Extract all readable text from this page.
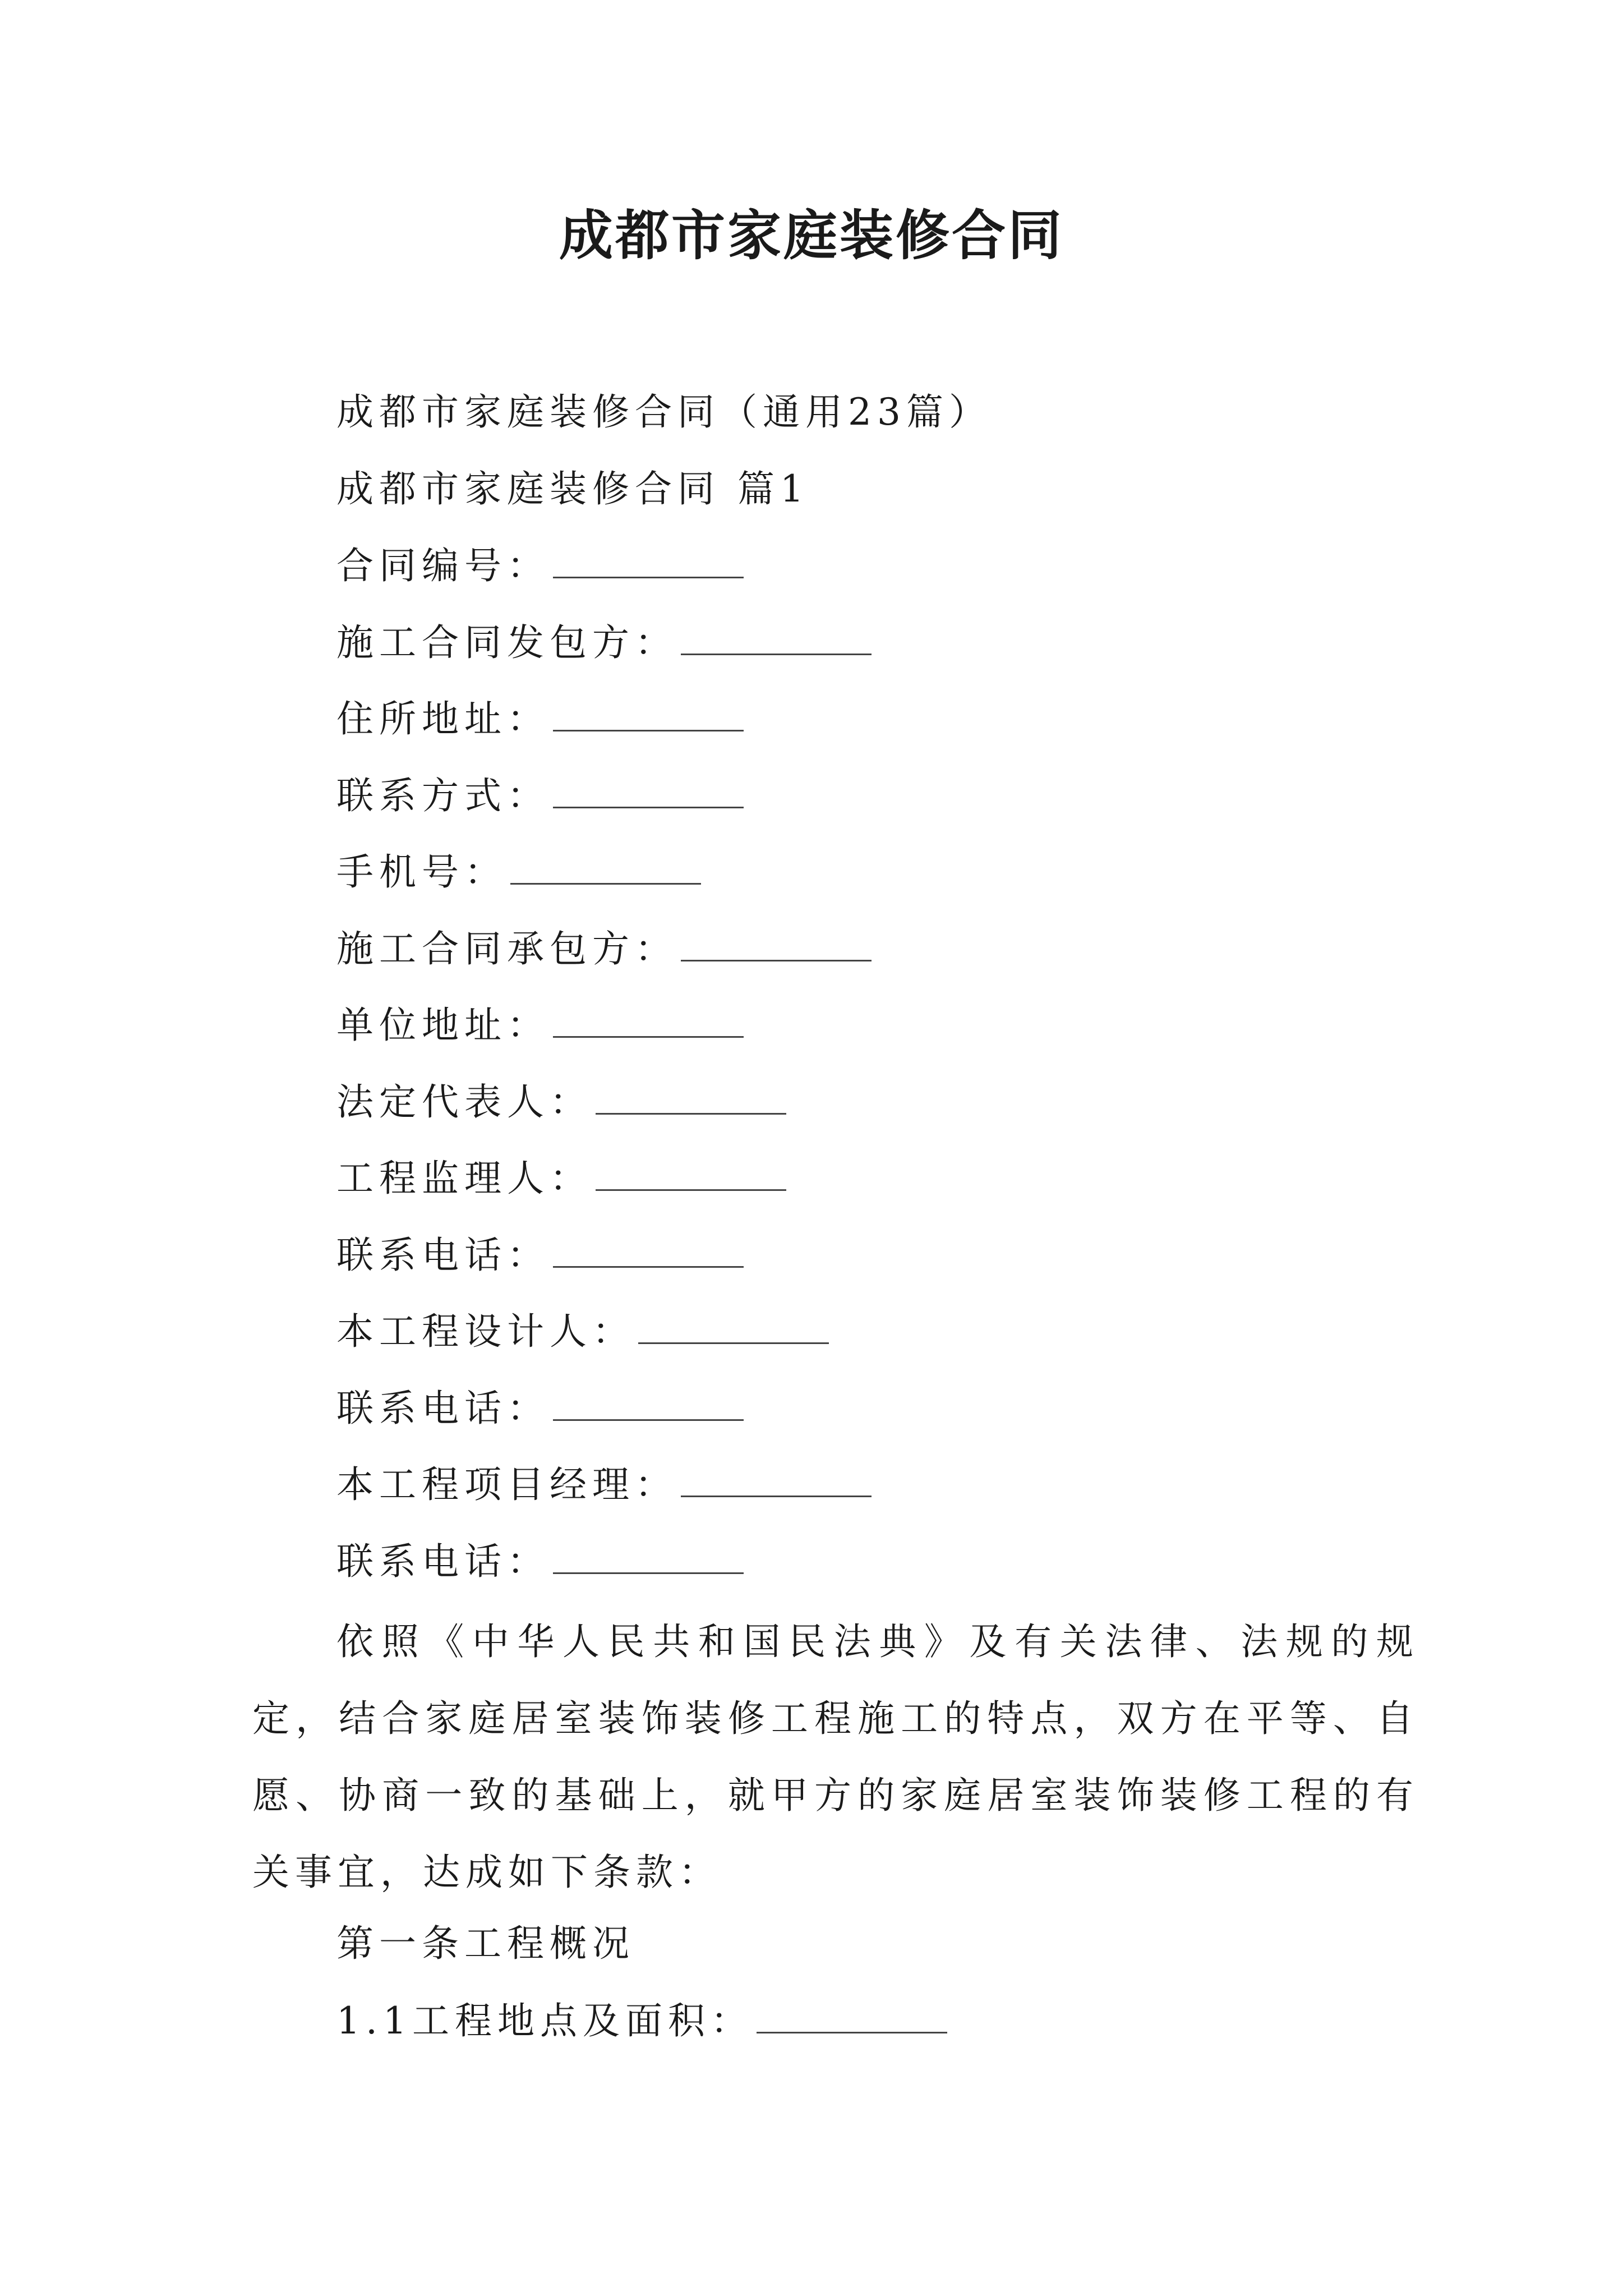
成都市家庭装修合同
成都市家庭装修合同（通用23篇）
成都市家庭装修合同 篇1
合同编号：
施工合同发包方：
住所地址：
联系方式：
手机号：
施工合同承包方：
单位地址：
法定代表人：
工程监理人：
联系电话：
本工程设计人：
联系电话：
本工程项目经理：
联系电话：
依照《中华人民共和国民法典》及有关法律、法规的规定，结合家庭居室装饰装修工程施工的特点，双方在平等、自愿、协商一致的基础上，就甲方的家庭居室装饰装修工程的有关事宜，达成如下条款：
第一条工程概况
1.1工程地点及面积：
